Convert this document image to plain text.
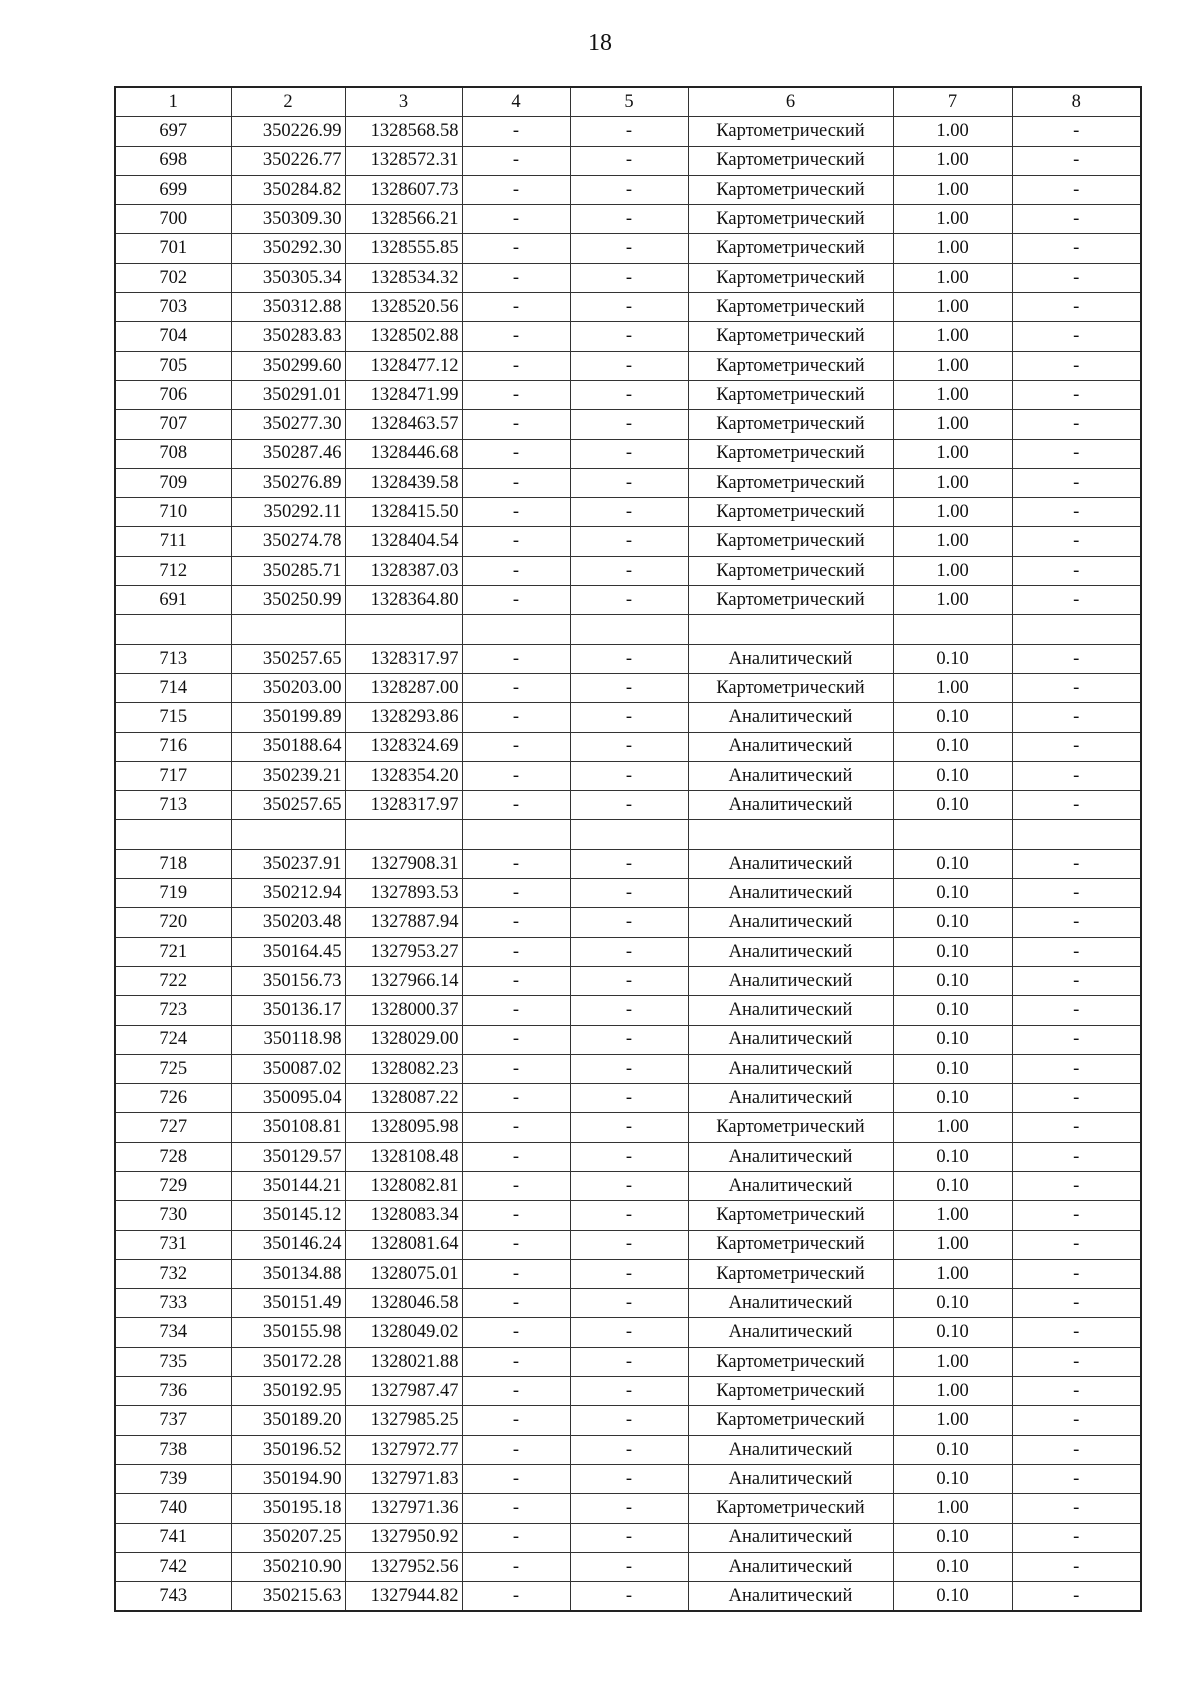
18
1	2	3	4	5	6	7	8
697	350226.99	1328568.58	-	-	Картометрический	1.00	-
698	350226.77	1328572.31	-	-	Картометрический	1.00	-
699	350284.82	1328607.73	-	-	Картометрический	1.00	-
700	350309.30	1328566.21	-	-	Картометрический	1.00	-
701	350292.30	1328555.85	-	-	Картометрический	1.00	-
702	350305.34	1328534.32	-	-	Картометрический	1.00	-
703	350312.88	1328520.56	-	-	Картометрический	1.00	-
704	350283.83	1328502.88	-	-	Картометрический	1.00	-
705	350299.60	1328477.12	-	-	Картометрический	1.00	-
706	350291.01	1328471.99	-	-	Картометрический	1.00	-
707	350277.30	1328463.57	-	-	Картометрический	1.00	-
708	350287.46	1328446.68	-	-	Картометрический	1.00	-
709	350276.89	1328439.58	-	-	Картометрический	1.00	-
710	350292.11	1328415.50	-	-	Картометрический	1.00	-
711	350274.78	1328404.54	-	-	Картометрический	1.00	-
712	350285.71	1328387.03	-	-	Картометрический	1.00	-
691	350250.99	1328364.80	-	-	Картометрический	1.00	-

713	350257.65	1328317.97	-	-	Аналитический	0.10	-
714	350203.00	1328287.00	-	-	Картометрический	1.00	-
715	350199.89	1328293.86	-	-	Аналитический	0.10	-
716	350188.64	1328324.69	-	-	Аналитический	0.10	-
717	350239.21	1328354.20	-	-	Аналитический	0.10	-
713	350257.65	1328317.97	-	-	Аналитический	0.10	-

718	350237.91	1327908.31	-	-	Аналитический	0.10	-
719	350212.94	1327893.53	-	-	Аналитический	0.10	-
720	350203.48	1327887.94	-	-	Аналитический	0.10	-
721	350164.45	1327953.27	-	-	Аналитический	0.10	-
722	350156.73	1327966.14	-	-	Аналитический	0.10	-
723	350136.17	1328000.37	-	-	Аналитический	0.10	-
724	350118.98	1328029.00	-	-	Аналитический	0.10	-
725	350087.02	1328082.23	-	-	Аналитический	0.10	-
726	350095.04	1328087.22	-	-	Аналитический	0.10	-
727	350108.81	1328095.98	-	-	Картометрический	1.00	-
728	350129.57	1328108.48	-	-	Аналитический	0.10	-
729	350144.21	1328082.81	-	-	Аналитический	0.10	-
730	350145.12	1328083.34	-	-	Картометрический	1.00	-
731	350146.24	1328081.64	-	-	Картометрический	1.00	-
732	350134.88	1328075.01	-	-	Картометрический	1.00	-
733	350151.49	1328046.58	-	-	Аналитический	0.10	-
734	350155.98	1328049.02	-	-	Аналитический	0.10	-
735	350172.28	1328021.88	-	-	Картометрический	1.00	-
736	350192.95	1327987.47	-	-	Картометрический	1.00	-
737	350189.20	1327985.25	-	-	Картометрический	1.00	-
738	350196.52	1327972.77	-	-	Аналитический	0.10	-
739	350194.90	1327971.83	-	-	Аналитический	0.10	-
740	350195.18	1327971.36	-	-	Картометрический	1.00	-
741	350207.25	1327950.92	-	-	Аналитический	0.10	-
742	350210.90	1327952.56	-	-	Аналитический	0.10	-
743	350215.63	1327944.82	-	-	Аналитический	0.10	-
